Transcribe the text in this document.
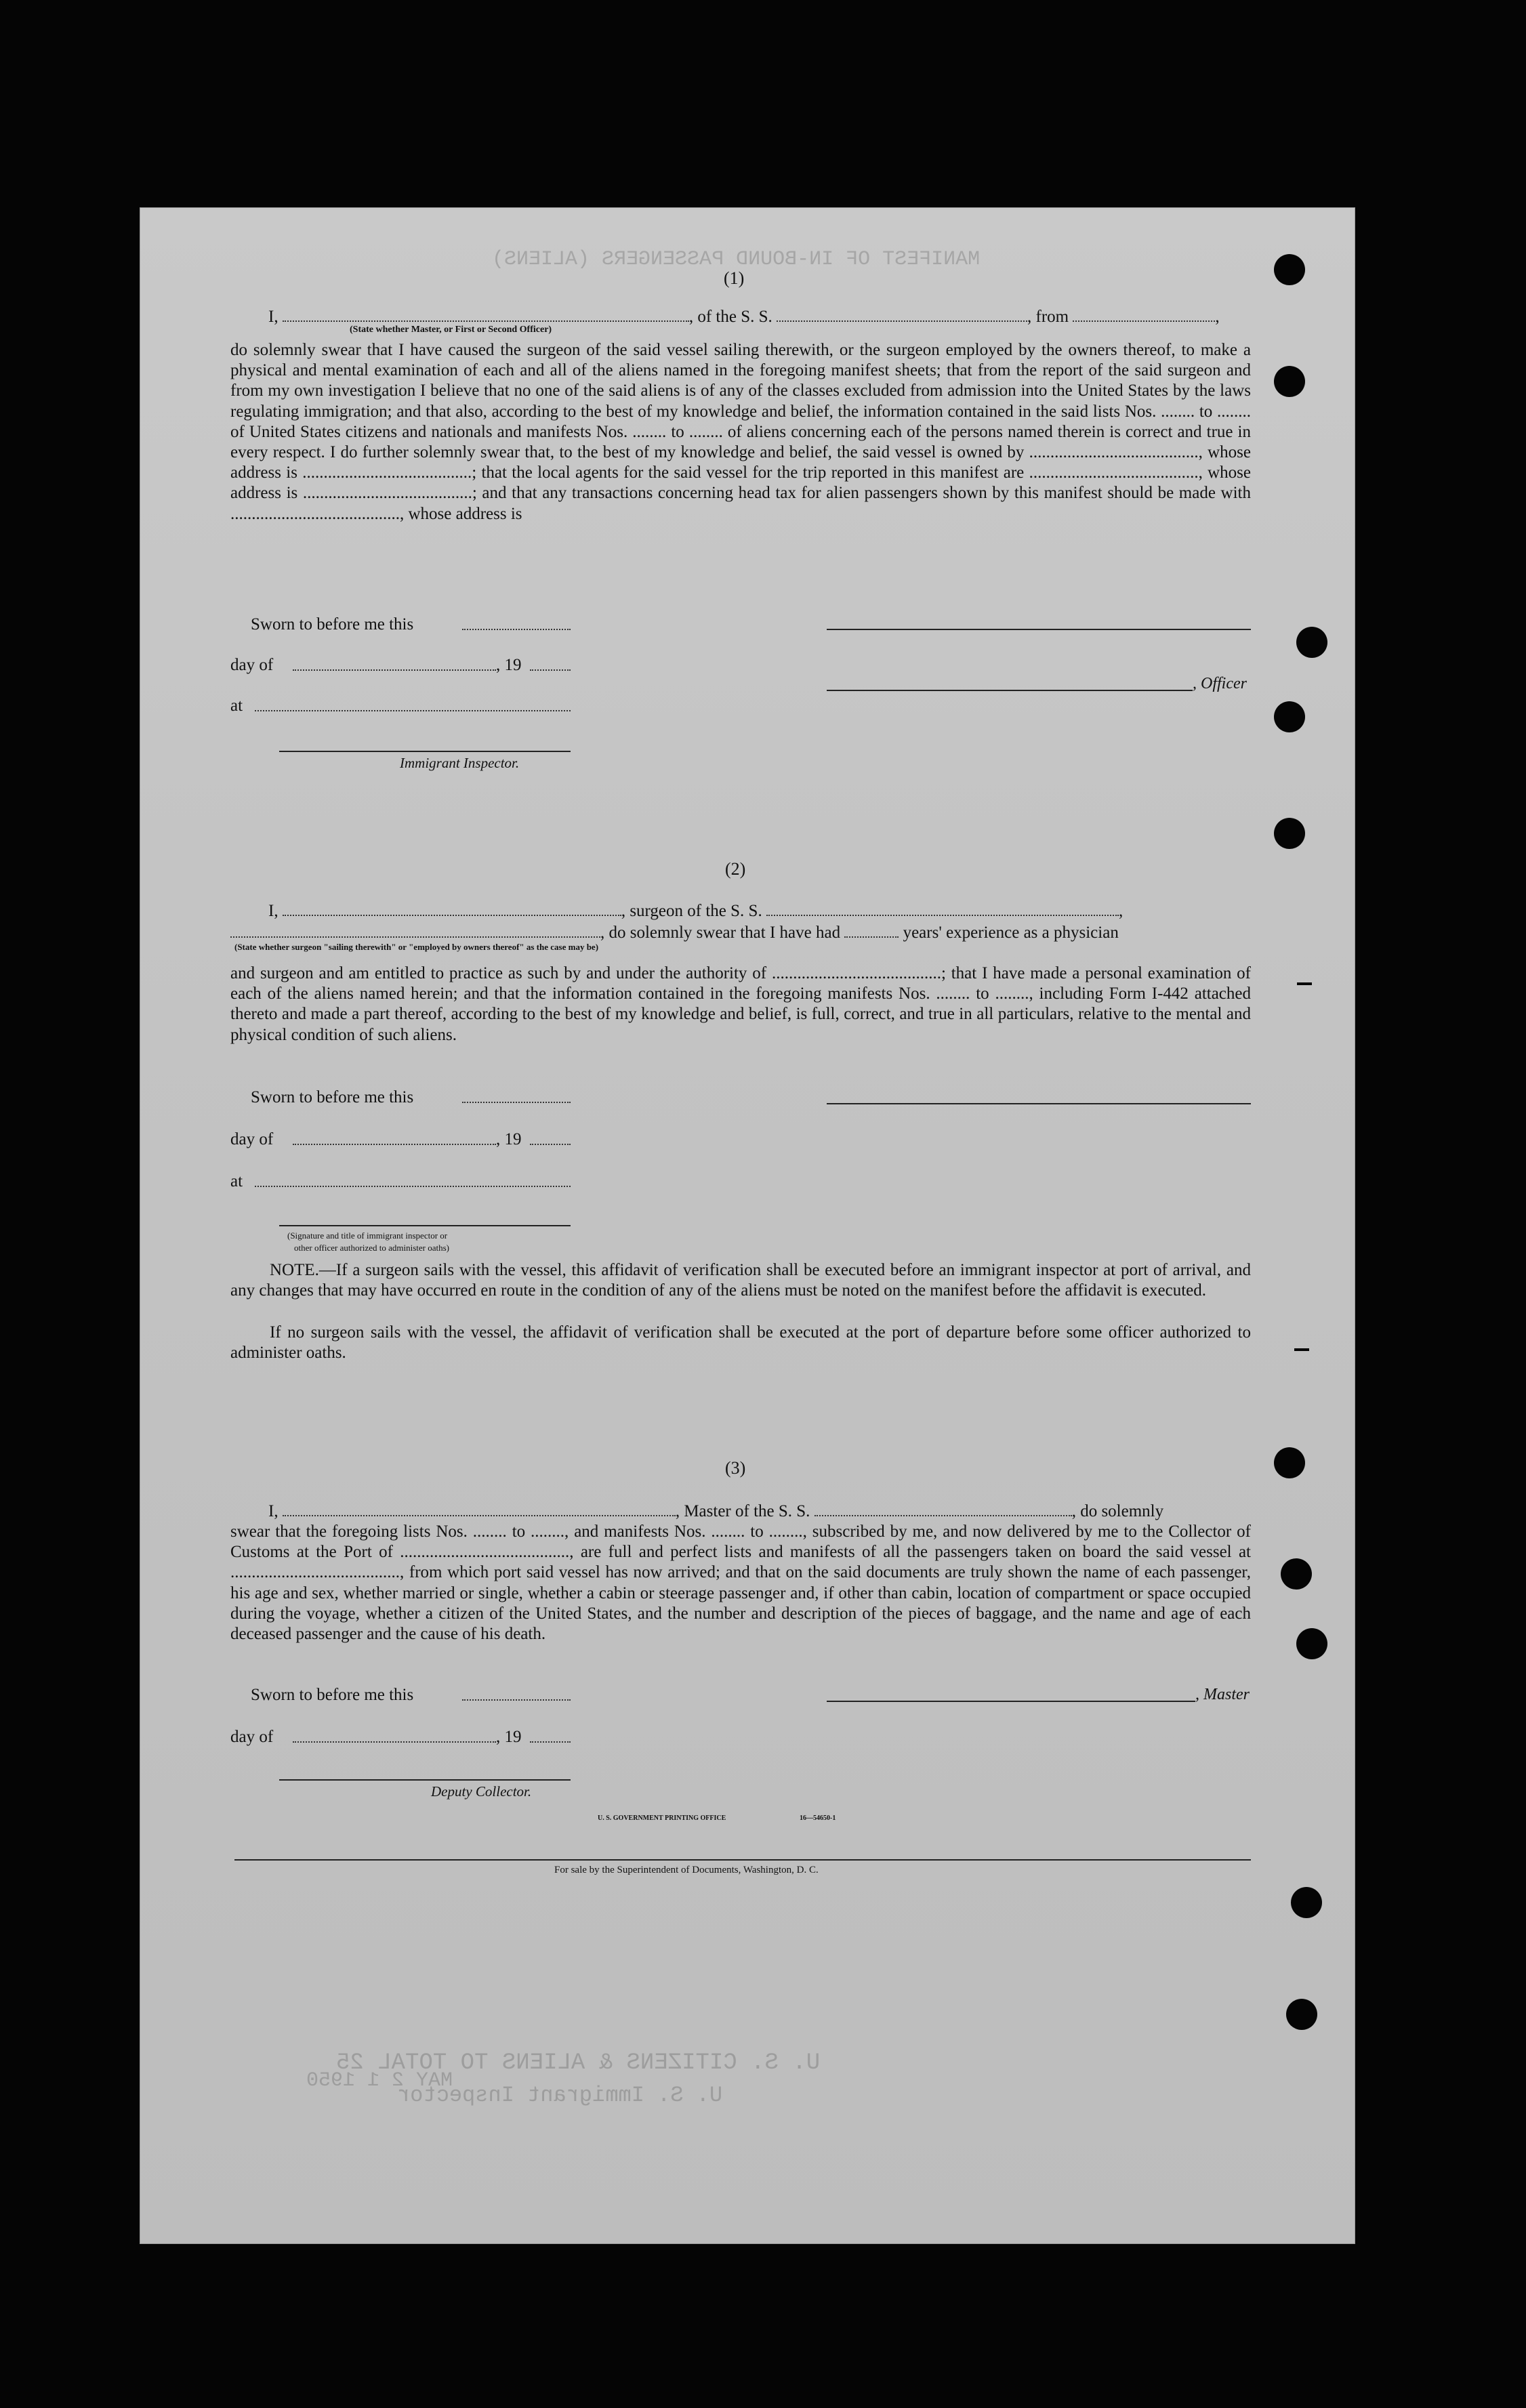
U. S. CITIZENS & ALIENS TO TOTAL 25
U. S. Immigrant Inspector
MAY 2 1 1950
MANIFEST OF IN-BOUND PASSENGERS (ALIENS)
(1)
I,	, of the S. S.	, from	,
(State whether Master, or First or Second Officer)
do solemnly swear that I have caused the surgeon of the said vessel sailing therewith, or the surgeon employed by the owners thereof, to make a physical and mental examination of each and all of the aliens named in the foregoing manifest sheets; that from the report of the said surgeon and from my own investigation I believe that no one of the said aliens is of any of the classes excluded from admission into the United States by the laws regulating immigration; and that also, according to the best of my knowledge and belief, the information contained in the said lists Nos. ........ to ........ of United States citizens and nationals and manifests Nos. ........ to ........ of aliens concerning each of the persons named therein is correct and true in every respect. I do further solemnly swear that, to the best of my knowledge and belief, the said vessel is owned by ........................................, whose address is ........................................; that the local agents for the said vessel for the trip reported in this manifest are ........................................, whose address is ........................................; and that any transactions concerning head tax for alien passengers shown by this manifest should be made with ........................................, whose address is
Sworn to before me this
day of	, 19
at
Immigrant Inspector.
, Officer
(2)
I,	, surgeon of the S. S.	,
, do solemnly swear that I have had	years' experience as a physician
(State whether surgeon "sailing therewith" or "employed by owners thereof" as the case may be)
and surgeon and am entitled to practice as such by and under the authority of ........................................; that I have made a personal examination of each of the aliens named herein; and that the information contained in the foregoing manifests Nos. ........ to ........, including Form I-442 attached thereto and made a part thereof, according to the best of my knowledge and belief, is full, correct, and true in all particulars, relative to the mental and physical condition of such aliens.
Sworn to before me this
day of	, 19
at
(Signature and title of immigrant inspector or
other officer authorized to administer oaths)
NOTE.—If a surgeon sails with the vessel, this affidavit of verification shall be executed before an immigrant inspector at port of arrival, and any changes that may have occurred en route in the condition of any of the aliens must be noted on the manifest before the affidavit is executed.
If no surgeon sails with the vessel, the affidavit of verification shall be executed at the port of departure before some officer authorized to administer oaths.
(3)
I,	, Master of the S. S.	, do solemnly
swear that the foregoing lists Nos. ........ to ........, and manifests Nos. ........ to ........, subscribed by me, and now delivered by me to the Collector of Customs at the Port of ........................................, are full and perfect lists and manifests of all the passengers taken on board the said vessel at ........................................, from which port said vessel has now arrived; and that on the said documents are truly shown the name of each passenger, his age and sex, whether married or single, whether a cabin or steerage passenger and, if other than cabin, location of compartment or space occupied during the voyage, whether a citizen of the United States, and the number and description of the pieces of baggage, and the name and age of each deceased passenger and the cause of his death.
Sworn to before me this
day of	, 19
Deputy Collector.
, Master
U. S. GOVERNMENT PRINTING OFFICE	16—54650-1
For sale by the Superintendent of Documents, Washington, D. C.
